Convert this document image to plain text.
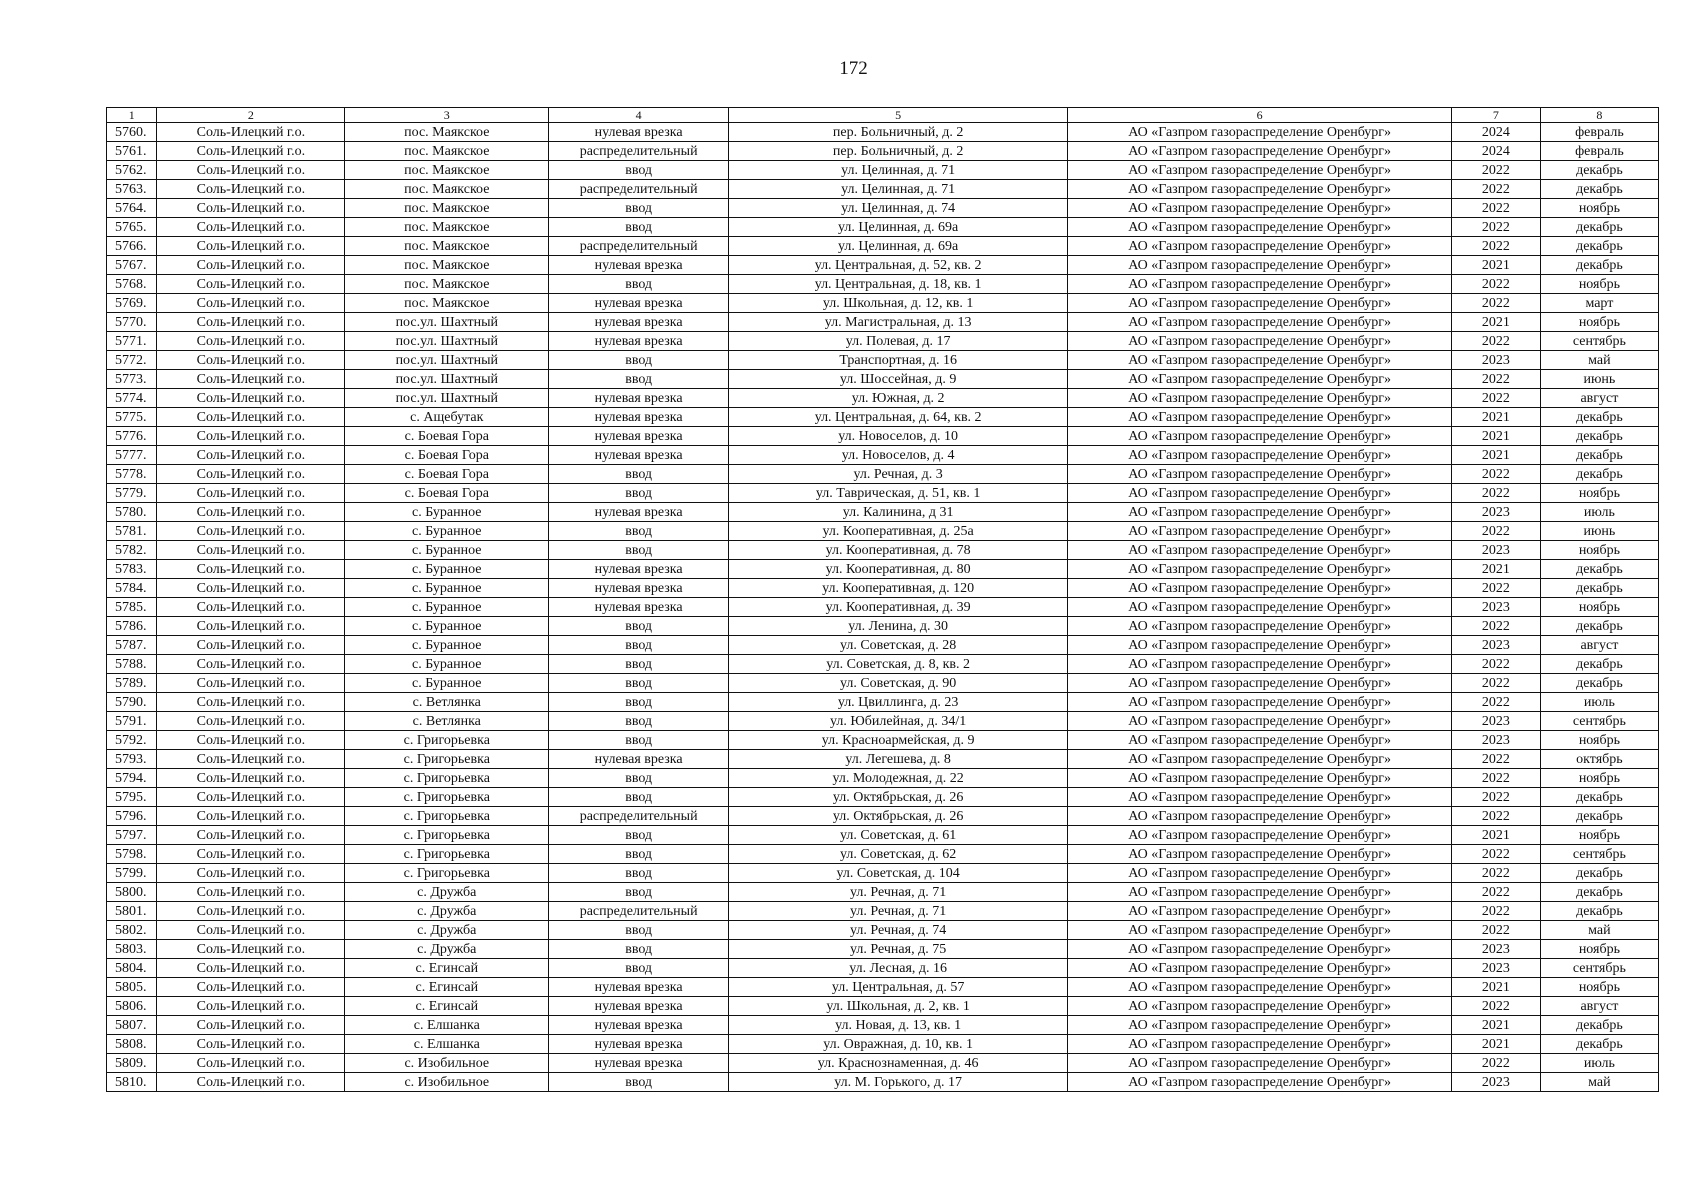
172
1	2	3	4	5	6	7	8
5760.	Соль-Илецкий г.о.	пос. Маякское	нулевая врезка	пер. Больничный, д. 2	АО «Газпром газораспределение Оренбург»	2024	февраль
5761.	Соль-Илецкий г.о.	пос. Маякское	распределительный	пер. Больничный, д. 2	АО «Газпром газораспределение Оренбург»	2024	февраль
5762.	Соль-Илецкий г.о.	пос. Маякское	ввод	ул. Целинная, д. 71	АО «Газпром газораспределение Оренбург»	2022	декабрь
5763.	Соль-Илецкий г.о.	пос. Маякское	распределительный	ул. Целинная, д. 71	АО «Газпром газораспределение Оренбург»	2022	декабрь
5764.	Соль-Илецкий г.о.	пос. Маякское	ввод	ул. Целинная, д. 74	АО «Газпром газораспределение Оренбург»	2022	ноябрь
5765.	Соль-Илецкий г.о.	пос. Маякское	ввод	ул. Целинная, д. 69а	АО «Газпром газораспределение Оренбург»	2022	декабрь
5766.	Соль-Илецкий г.о.	пос. Маякское	распределительный	ул. Целинная, д. 69а	АО «Газпром газораспределение Оренбург»	2022	декабрь
5767.	Соль-Илецкий г.о.	пос. Маякское	нулевая врезка	ул. Центральная, д. 52, кв. 2	АО «Газпром газораспределение Оренбург»	2021	декабрь
5768.	Соль-Илецкий г.о.	пос. Маякское	ввод	ул. Центральная, д. 18, кв. 1	АО «Газпром газораспределение Оренбург»	2022	ноябрь
5769.	Соль-Илецкий г.о.	пос. Маякское	нулевая врезка	ул. Школьная, д. 12, кв. 1	АО «Газпром газораспределение Оренбург»	2022	март
5770.	Соль-Илецкий г.о.	пос.ул. Шахтный	нулевая врезка	ул. Магистральная, д. 13	АО «Газпром газораспределение Оренбург»	2021	ноябрь
5771.	Соль-Илецкий г.о.	пос.ул. Шахтный	нулевая врезка	ул. Полевая, д. 17	АО «Газпром газораспределение Оренбург»	2022	сентябрь
5772.	Соль-Илецкий г.о.	пос.ул. Шахтный	ввод	Транспортная, д. 16	АО «Газпром газораспределение Оренбург»	2023	май
5773.	Соль-Илецкий г.о.	пос.ул. Шахтный	ввод	ул. Шоссейная, д. 9	АО «Газпром газораспределение Оренбург»	2022	июнь
5774.	Соль-Илецкий г.о.	пос.ул. Шахтный	нулевая врезка	ул. Южная, д. 2	АО «Газпром газораспределение Оренбург»	2022	август
5775.	Соль-Илецкий г.о.	с. Ащебутак	нулевая врезка	ул. Центральная, д. 64, кв. 2	АО «Газпром газораспределение Оренбург»	2021	декабрь
5776.	Соль-Илецкий г.о.	с. Боевая Гора	нулевая врезка	ул. Новоселов, д. 10	АО «Газпром газораспределение Оренбург»	2021	декабрь
5777.	Соль-Илецкий г.о.	с. Боевая Гора	нулевая врезка	ул. Новоселов, д. 4	АО «Газпром газораспределение Оренбург»	2021	декабрь
5778.	Соль-Илецкий г.о.	с. Боевая Гора	ввод	ул. Речная, д. 3	АО «Газпром газораспределение Оренбург»	2022	декабрь
5779.	Соль-Илецкий г.о.	с. Боевая Гора	ввод	ул. Таврическая, д. 51, кв. 1	АО «Газпром газораспределение Оренбург»	2022	ноябрь
5780.	Соль-Илецкий г.о.	с. Буранное	нулевая врезка	ул. Калинина, д 31	АО «Газпром газораспределение Оренбург»	2023	июль
5781.	Соль-Илецкий г.о.	с. Буранное	ввод	ул. Кооперативная, д. 25а	АО «Газпром газораспределение Оренбург»	2022	июнь
5782.	Соль-Илецкий г.о.	с. Буранное	ввод	ул. Кооперативная, д. 78	АО «Газпром газораспределение Оренбург»	2023	ноябрь
5783.	Соль-Илецкий г.о.	с. Буранное	нулевая врезка	ул. Кооперативная, д. 80	АО «Газпром газораспределение Оренбург»	2021	декабрь
5784.	Соль-Илецкий г.о.	с. Буранное	нулевая врезка	ул. Кооперативная, д. 120	АО «Газпром газораспределение Оренбург»	2022	декабрь
5785.	Соль-Илецкий г.о.	с. Буранное	нулевая врезка	ул. Кооперативная, д. 39	АО «Газпром газораспределение Оренбург»	2023	ноябрь
5786.	Соль-Илецкий г.о.	с. Буранное	ввод	ул. Ленина, д. 30	АО «Газпром газораспределение Оренбург»	2022	декабрь
5787.	Соль-Илецкий г.о.	с. Буранное	ввод	ул. Советская, д. 28	АО «Газпром газораспределение Оренбург»	2023	август
5788.	Соль-Илецкий г.о.	с. Буранное	ввод	ул. Советская, д. 8, кв. 2	АО «Газпром газораспределение Оренбург»	2022	декабрь
5789.	Соль-Илецкий г.о.	с. Буранное	ввод	ул. Советская, д. 90	АО «Газпром газораспределение Оренбург»	2022	декабрь
5790.	Соль-Илецкий г.о.	с. Ветлянка	ввод	ул. Цвиллинга, д. 23	АО «Газпром газораспределение Оренбург»	2022	июль
5791.	Соль-Илецкий г.о.	с. Ветлянка	ввод	ул. Юбилейная, д. 34/1	АО «Газпром газораспределение Оренбург»	2023	сентябрь
5792.	Соль-Илецкий г.о.	с. Григорьевка	ввод	ул. Красноармейская, д. 9	АО «Газпром газораспределение Оренбург»	2023	ноябрь
5793.	Соль-Илецкий г.о.	с. Григорьевка	нулевая врезка	ул. Легешева, д. 8	АО «Газпром газораспределение Оренбург»	2022	октябрь
5794.	Соль-Илецкий г.о.	с. Григорьевка	ввод	ул. Молодежная, д. 22	АО «Газпром газораспределение Оренбург»	2022	ноябрь
5795.	Соль-Илецкий г.о.	с. Григорьевка	ввод	ул. Октябрьская, д. 26	АО «Газпром газораспределение Оренбург»	2022	декабрь
5796.	Соль-Илецкий г.о.	с. Григорьевка	распределительный	ул. Октябрьская, д. 26	АО «Газпром газораспределение Оренбург»	2022	декабрь
5797.	Соль-Илецкий г.о.	с. Григорьевка	ввод	ул. Советская, д. 61	АО «Газпром газораспределение Оренбург»	2021	ноябрь
5798.	Соль-Илецкий г.о.	с. Григорьевка	ввод	ул. Советская, д. 62	АО «Газпром газораспределение Оренбург»	2022	сентябрь
5799.	Соль-Илецкий г.о.	с. Григорьевка	ввод	ул. Советская, д. 104	АО «Газпром газораспределение Оренбург»	2022	декабрь
5800.	Соль-Илецкий г.о.	с. Дружба	ввод	ул. Речная, д. 71	АО «Газпром газораспределение Оренбург»	2022	декабрь
5801.	Соль-Илецкий г.о.	с. Дружба	распределительный	ул. Речная, д. 71	АО «Газпром газораспределение Оренбург»	2022	декабрь
5802.	Соль-Илецкий г.о.	с. Дружба	ввод	ул. Речная, д. 74	АО «Газпром газораспределение Оренбург»	2022	май
5803.	Соль-Илецкий г.о.	с. Дружба	ввод	ул. Речная, д. 75	АО «Газпром газораспределение Оренбург»	2023	ноябрь
5804.	Соль-Илецкий г.о.	с. Егинсай	ввод	ул. Лесная, д. 16	АО «Газпром газораспределение Оренбург»	2023	сентябрь
5805.	Соль-Илецкий г.о.	с. Егинсай	нулевая врезка	ул. Центральная, д. 57	АО «Газпром газораспределение Оренбург»	2021	ноябрь
5806.	Соль-Илецкий г.о.	с. Егинсай	нулевая врезка	ул. Школьная, д. 2, кв. 1	АО «Газпром газораспределение Оренбург»	2022	август
5807.	Соль-Илецкий г.о.	с. Елшанка	нулевая врезка	ул. Новая, д. 13, кв. 1	АО «Газпром газораспределение Оренбург»	2021	декабрь
5808.	Соль-Илецкий г.о.	с. Елшанка	нулевая врезка	ул. Овражная, д. 10, кв. 1	АО «Газпром газораспределение Оренбург»	2021	декабрь
5809.	Соль-Илецкий г.о.	с. Изобильное	нулевая врезка	ул. Краснознаменная, д. 46	АО «Газпром газораспределение Оренбург»	2022	июль
5810.	Соль-Илецкий г.о.	с. Изобильное	ввод	ул. М. Горького, д. 17	АО «Газпром газораспределение Оренбург»	2023	май
